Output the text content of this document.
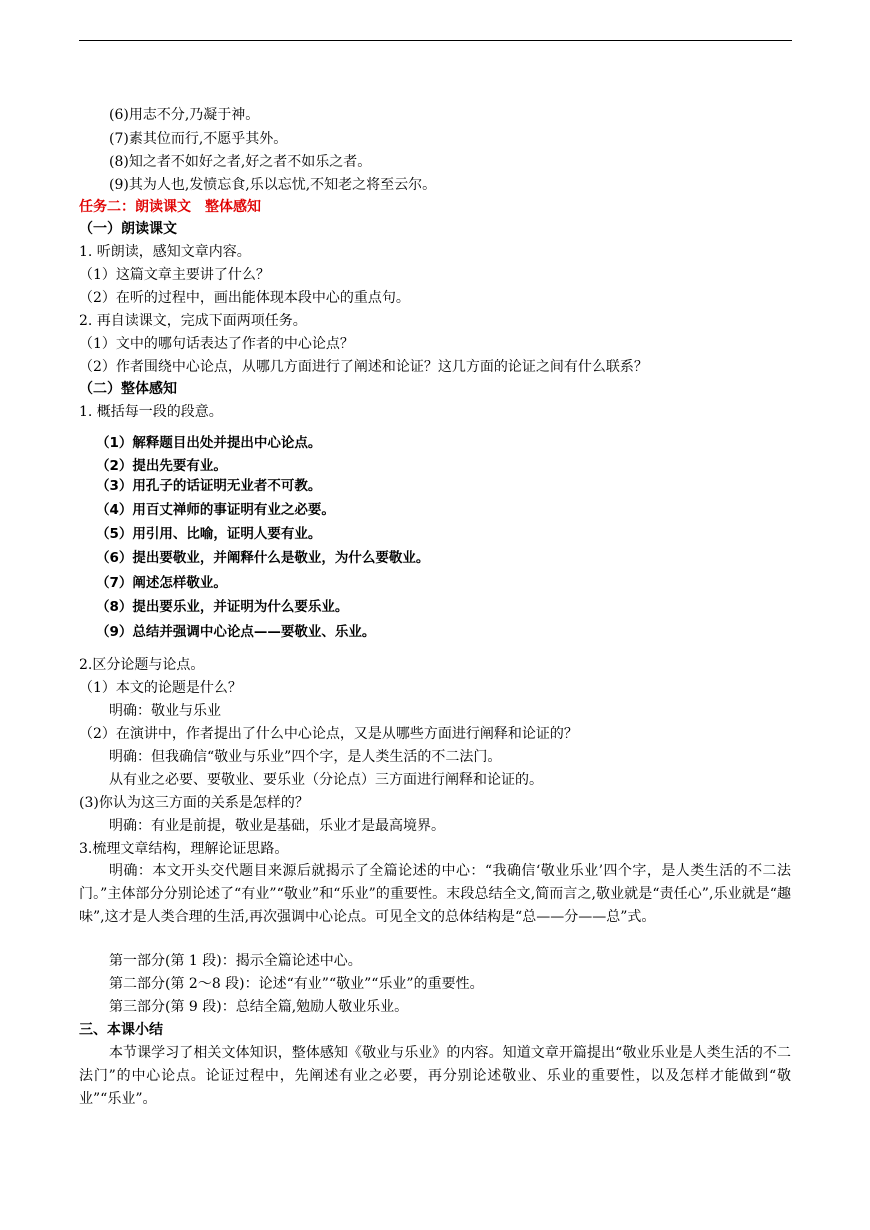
(6)用志不分,乃凝于神。
(7)素其位而行,不愿乎其外。
(8)知之者不如好之者,好之者不如乐之者。
(9)其为人也,发愤忘食,乐以忘忧,不知老之将至云尔。
任务二：朗读课文　整体感知
（一）朗读课文
1. 听朗读，感知文章内容。
（1）这篇文章主要讲了什么？
（2）在听的过程中，画出能体现本段中心的重点句。
2. 再自读课文，完成下面两项任务。
（1）文中的哪句话表达了作者的中心论点？
（2）作者围绕中心论点，从哪几方面进行了阐述和论证？这几方面的论证之间有什么联系？
（二）整体感知
1. 概括每一段的段意。
（1）解释题目出处并提出中心论点。
（2）提出先要有业。
（3）用孔子的话证明无业者不可教。
（4）用百丈禅师的事证明有业之必要。
（5）用引用、比喻，证明人要有业。
（6）提出要敬业，并阐释什么是敬业，为什么要敬业。
（7）阐述怎样敬业。
（8）提出要乐业，并证明为什么要乐业。
（9）总结并强调中心论点——要敬业、乐业。
2.区分论题与论点。
（1）本文的论题是什么？
明确：敬业与乐业
（2）在演讲中，作者提出了什么中心论点，又是从哪些方面进行阐释和论证的？
明确：但我确信“敬业与乐业”四个字，是人类生活的不二法门。
从有业之必要、要敬业、要乐业（分论点）三方面进行阐释和论证的。
(3)你认为这三方面的关系是怎样的？
明确：有业是前提，敬业是基础，乐业才是最高境界。
3.梳理文章结构，理解论证思路。
明确：本文开头交代题目来源后就揭示了全篇论述的中心：“我确信‘敬业乐业’四个字，是人类生活的不二法门。”主体部分分别论述了“有业”“敬业”和“乐业”的重要性。末段总结全文,简而言之,敬业就是“责任心”,乐业就是“趣味”,这才是人类合理的生活,再次强调中心论点。可见全文的总体结构是“总——分——总”式。
第一部分(第 1 段)：揭示全篇论述中心。
第二部分(第 2～8 段)：论述“有业”“敬业”“乐业”的重要性。
第三部分(第 9 段)：总结全篇,勉励人敬业乐业。
三、本课小结
本节课学习了相关文体知识，整体感知《敬业与乐业》的内容。知道文章开篇提出“敬业乐业是人类生活的不二法门”的中心论点。论证过程中，先阐述有业之必要，再分别论述敬业、乐业的重要性，以及怎样才能做到“敬业”“乐业”。
